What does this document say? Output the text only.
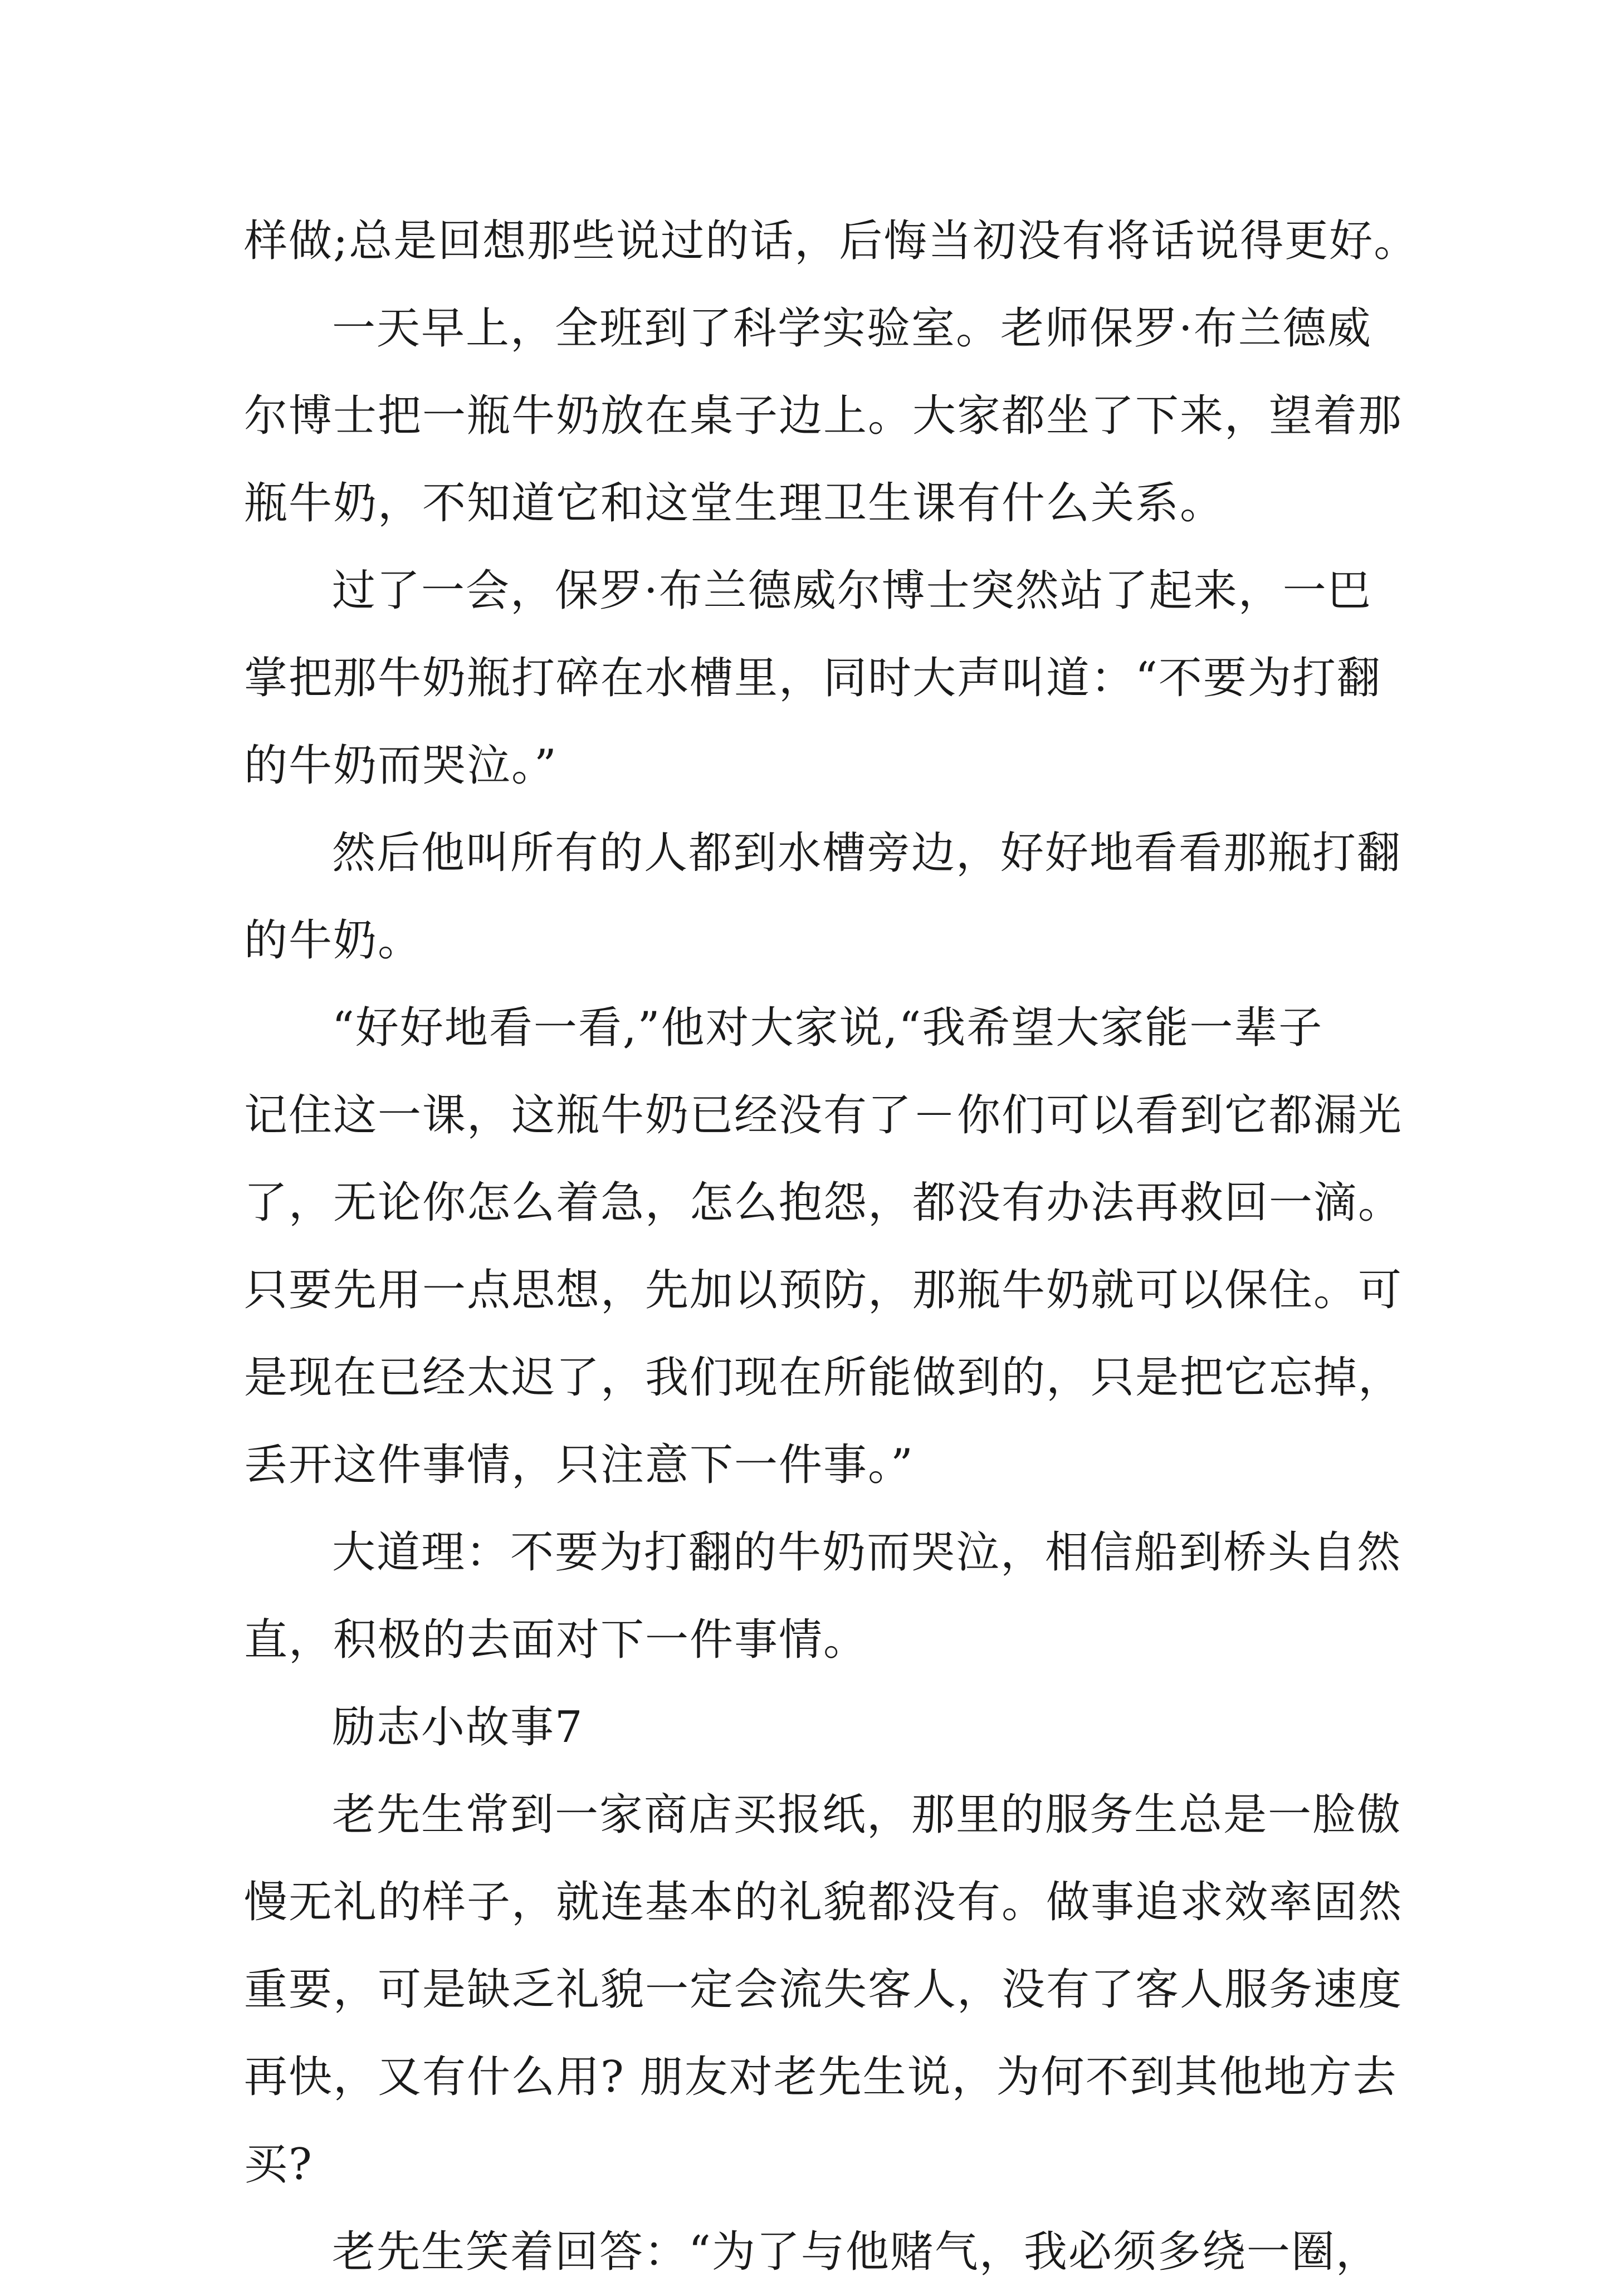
样做;总是回想那些说过的话，后悔当初没有将话说得更好。
一天早上，全班到了科学实验室。老师保罗·布兰德威
尔博士把一瓶牛奶放在桌子边上。大家都坐了下来，望着那
瓶牛奶，不知道它和这堂生理卫生课有什么关系。
过了一会，保罗·布兰德威尔博士突然站了起来，一巴
掌把那牛奶瓶打碎在水槽里，同时大声叫道：“不要为打翻
的牛奶而哭泣。”
然后他叫所有的人都到水槽旁边，好好地看看那瓶打翻
的牛奶。
“好好地看一看,”他对大家说,“我希望大家能一辈子
记住这一课，这瓶牛奶已经没有了－你们可以看到它都漏光
了，无论你怎么着急，怎么抱怨，都没有办法再救回一滴。
只要先用一点思想，先加以预防，那瓶牛奶就可以保住。可
是现在已经太迟了，我们现在所能做到的，只是把它忘掉，
丢开这件事情，只注意下一件事。”
大道理：不要为打翻的牛奶而哭泣，相信船到桥头自然
直，积极的去面对下一件事情。
励志小故事7
老先生常到一家商店买报纸，那里的服务生总是一脸傲
慢无礼的样子，就连基本的礼貌都没有。做事追求效率固然
重要，可是缺乏礼貌一定会流失客人，没有了客人服务速度
再快，又有什么用? 朋友对老先生说，为何不到其他地方去
买?
老先生笑着回答：“为了与他赌气，我必须多绕一圈，
